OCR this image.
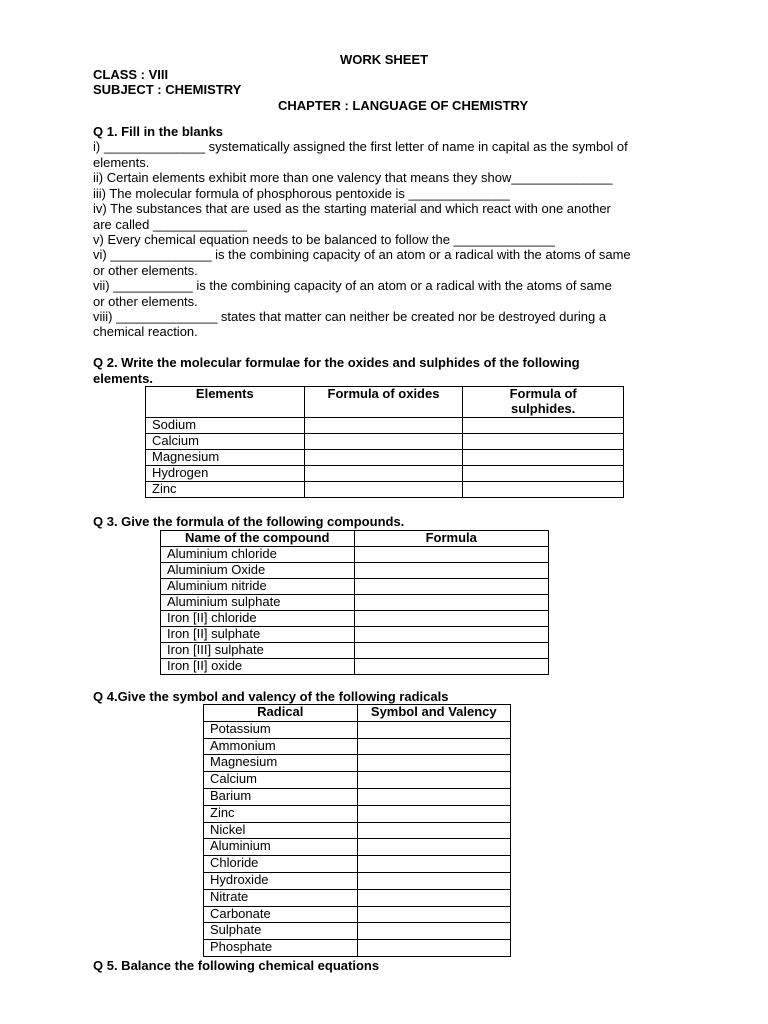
WORK SHEET
CLASS : VIII
SUBJECT : CHEMISTRY
CHAPTER : LANGUAGE OF CHEMISTRY
Q 1. Fill in the blanks
i) ______________ systematically assigned the first letter of name in capital as the symbol of
elements.
ii) Certain elements exhibit more than one valency that means they show______________
iii) The molecular formula of phosphorous pentoxide is ______________
iv) The substances that are used as the starting material and which react with one another
are called _____________
v) Every chemical equation needs to be balanced to follow the ______________
vi) ______________ is the combining capacity of an atom or a radical with the atoms of same
or other elements.
vii) ___________ is the combining capacity of an atom or a radical with the atoms of same
or other elements.
viii) ______________ states that matter can neither be created nor be destroyed during a
chemical reaction.
Q 2. Write the molecular formulae for the oxides and sulphides of the following
elements.
Elements	Formula of oxides	Formula of
sulphides.
Sodium		
Calcium		
Magnesium		
Hydrogen		
Zinc		
Q 3. Give the formula of the following compounds.
Name of the compound	Formula
Aluminium chloride	
Aluminium Oxide	
Aluminium nitride	
Aluminium sulphate	
Iron [II] chloride	
Iron [II] sulphate	
Iron [III] sulphate	
Iron [II] oxide	
Q 4.Give the symbol and valency of the following radicals
Radical	Symbol and Valency
Potassium	
Ammonium	
Magnesium	
Calcium	
Barium	
Zinc	
Nickel	
Aluminium	
Chloride	
Hydroxide	
Nitrate	
Carbonate	
Sulphate	
Phosphate	
Q 5. Balance the following chemical equations
